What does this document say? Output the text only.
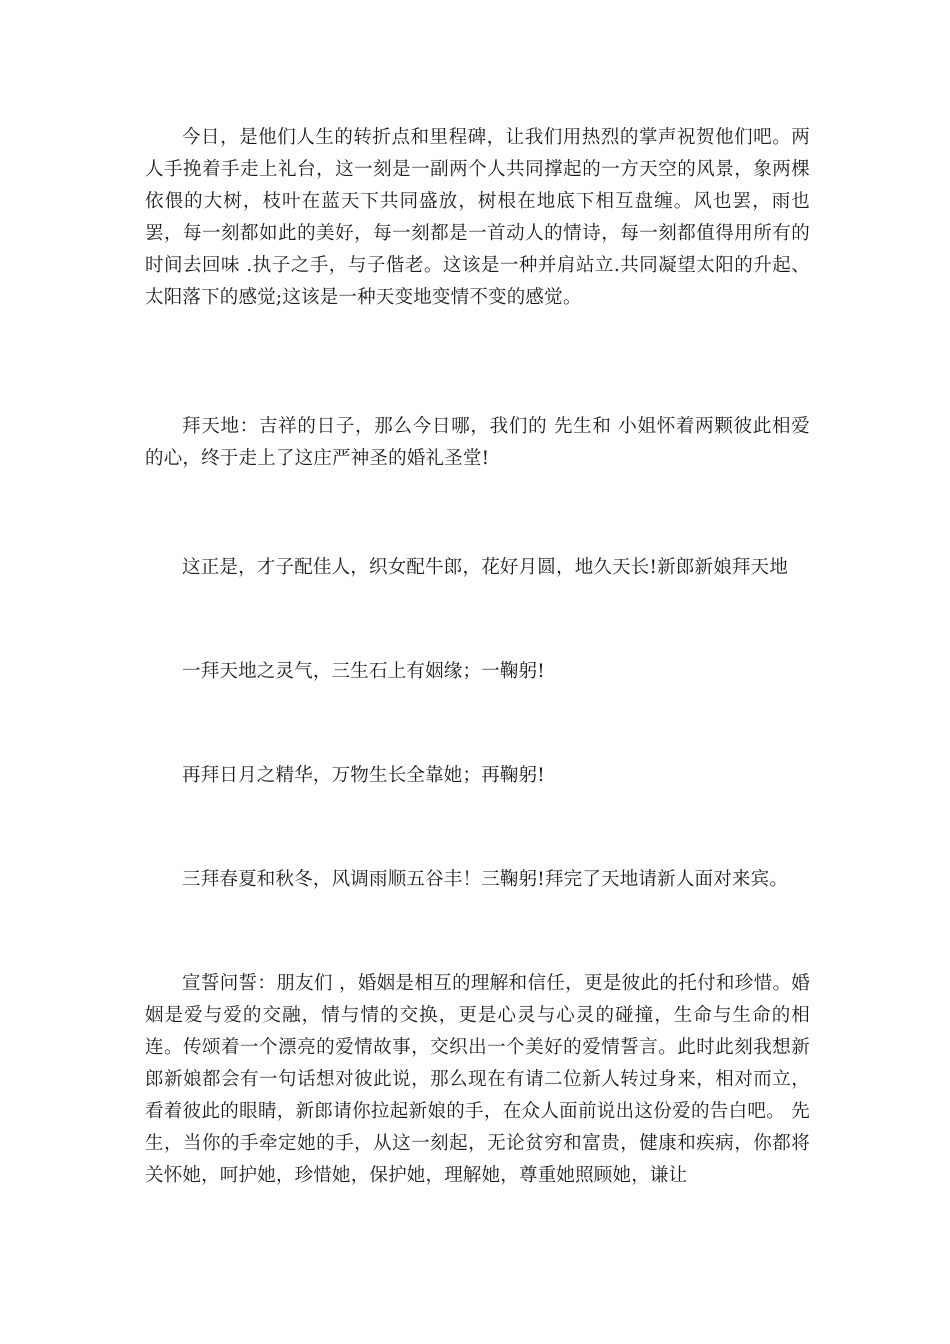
今日，是他们人生的转折点和里程碑，让我们用热烈的掌声祝贺他们吧。两人手挽着手走上礼台，这一刻是一副两个人共同撑起的一方天空的风景，象两棵依偎的大树，枝叶在蓝天下共同盛放，树根在地底下相互盘缠。风也罢，雨也罢，每一刻都如此的美好，每一刻都是一首动人的情诗，每一刻都值得用所有的时间去回味 .执子之手，与子偕老。这该是一种并肩站立.共同凝望太阳的升起、太阳落下的感觉;这该是一种天变地变情不变的感觉。

拜天地：吉祥的日子，那么今日哪，我们的 先生和 小姐怀着两颗彼此相爱的心，终于走上了这庄严神圣的婚礼圣堂!

这正是，才子配佳人，织女配牛郎，花好月圆，地久天长!新郎新娘拜天地

一拜天地之灵气，三生石上有姻缘；一鞠躬!

再拜日月之精华，万物生长全靠她；再鞠躬!

三拜春夏和秋冬，风调雨顺五谷丰！三鞠躬!拜完了天地请新人面对来宾。

宣誓问誓：朋友们 ，婚姻是相互的理解和信任，更是彼此的托付和珍惜。婚姻是爱与爱的交融，情与情的交换，更是心灵与心灵的碰撞，生命与生命的相连。传颂着一个漂亮的爱情故事，交织出一个美好的爱情誓言。此时此刻我想新郎新娘都会有一句话想对彼此说，那么现在有请二位新人转过身来，相对而立，看着彼此的眼睛，新郎请你拉起新娘的手，在众人面前说出这份爱的告白吧。 先生，当你的手牵定她的手，从这一刻起，无论贫穷和富贵，健康和疾病，你都将关怀她，呵护她，珍惜她，保护她，理解她，尊重她照顾她，谦让
